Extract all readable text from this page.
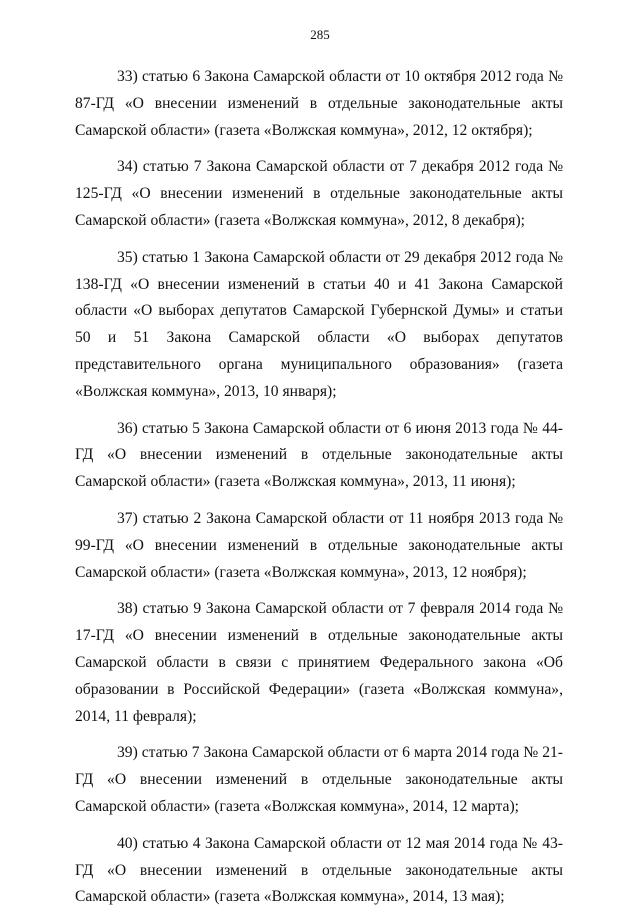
285

33) статью 6 Закона Самарской области от 10 октября 2012 года № 87-ГД «О внесении изменений в отдельные законодательные акты Самарской области» (газета «Волжская коммуна», 2012, 12 октября);

34) статью 7 Закона Самарской области от 7 декабря 2012 года № 125-ГД «О внесении изменений в отдельные законодательные акты Самарской области» (газета «Волжская коммуна», 2012, 8 декабря);

35) статью 1 Закона Самарской области от 29 декабря 2012 года № 138-ГД «О внесении изменений в статьи 40 и 41 Закона Самарской области «О выборах депутатов Самарской Губернской Думы» и статьи 50 и 51 Закона Самарской области «О выборах депутатов представительного органа муниципального образования» (газета «Волжская коммуна», 2013, 10 января);

36) статью 5 Закона Самарской области от 6 июня 2013 года № 44-ГД «О внесении изменений в отдельные законодательные акты Самарской области» (газета «Волжская коммуна», 2013, 11 июня);

37) статью 2 Закона Самарской области от 11 ноября 2013 года № 99-ГД «О внесении изменений в отдельные законодательные акты Самарской области» (газета «Волжская коммуна», 2013, 12 ноября);

38) статью 9 Закона Самарской области от 7 февраля 2014 года № 17-ГД «О внесении изменений в отдельные законодательные акты Самарской области в связи с принятием Федерального закона «Об образовании в Российской Федерации» (газета «Волжская коммуна», 2014, 11 февраля);

39) статью 7 Закона Самарской области от 6 марта 2014 года № 21-ГД «О внесении изменений в отдельные законодательные акты Самарской области» (газета «Волжская коммуна», 2014, 12 марта);

40) статью 4 Закона Самарской области от 12 мая 2014 года № 43-ГД «О внесении изменений в отдельные законодательные акты Самарской области» (газета «Волжская коммуна», 2014, 13 мая);
